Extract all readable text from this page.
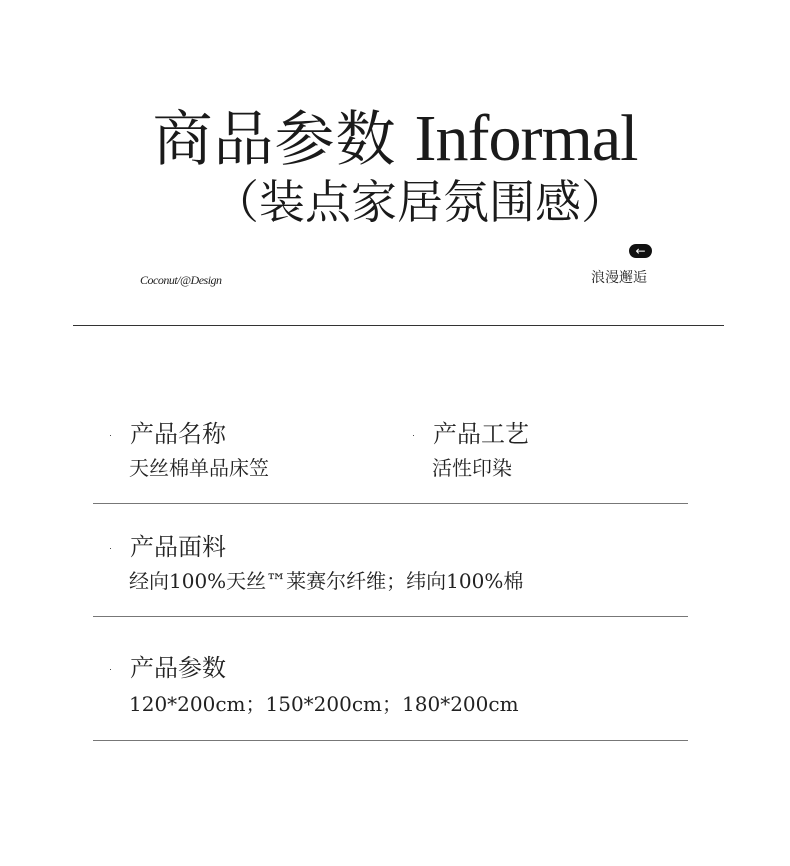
商品参数 Informal
（装点家居氛围感）
Coconut/@Design
←
浪漫邂逅
· 产品名称
天丝棉单品床笠
· 产品工艺
活性印染
· 产品面料
经向100%天丝™莱赛尔纤维；纬向100%棉
· 产品参数
120*200cm；150*200cm；180*200cm
